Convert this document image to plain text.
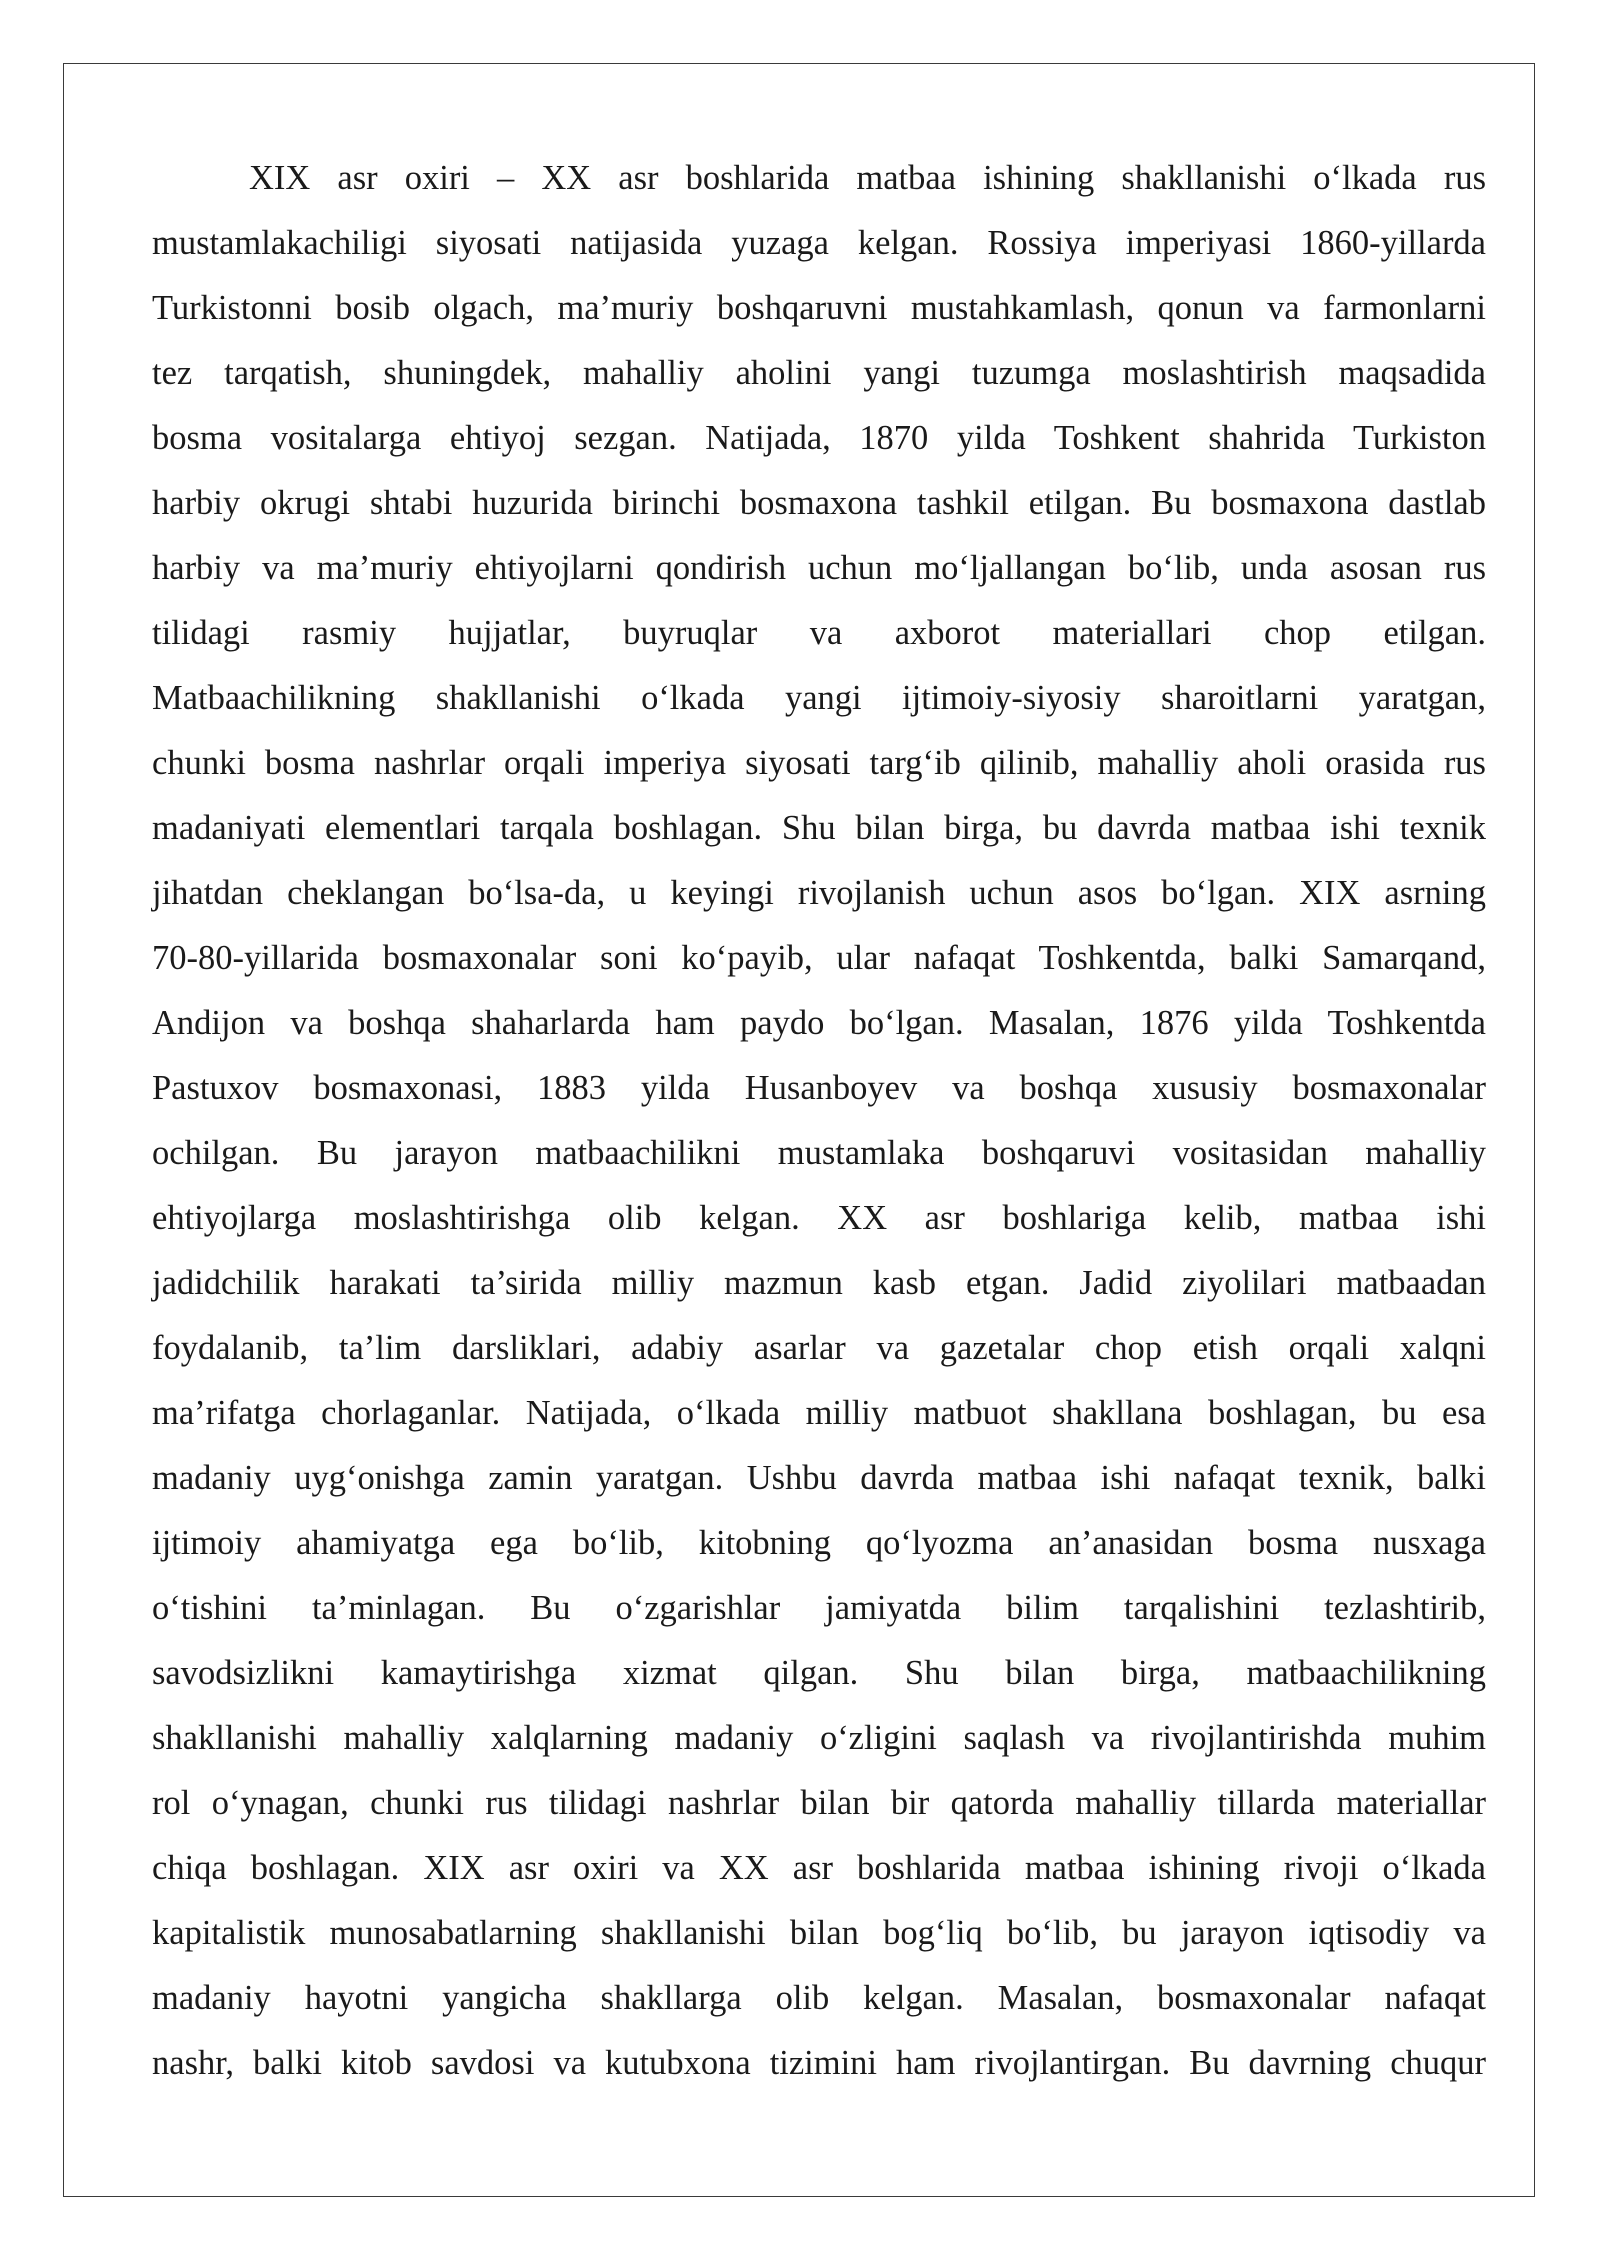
XIX asr oxiri – XX asr boshlarida matbaa ishining shakllanishi o‘lkada rus
mustamlakachiligi siyosati natijasida yuzaga kelgan. Rossiya imperiyasi 1860-yillarda
Turkistonni bosib olgach, ma’muriy boshqaruvni mustahkamlash, qonun va farmonlarni
tez tarqatish, shuningdek, mahalliy aholini yangi tuzumga moslashtirish maqsadida
bosma vositalarga ehtiyoj sezgan. Natijada, 1870 yilda Toshkent shahrida Turkiston
harbiy okrugi shtabi huzurida birinchi bosmaxona tashkil etilgan. Bu bosmaxona dastlab
harbiy va ma’muriy ehtiyojlarni qondirish uchun mo‘ljallangan bo‘lib, unda asosan rus
tilidagi rasmiy hujjatlar, buyruqlar va axborot materiallari chop etilgan.
Matbaachilikning shakllanishi o‘lkada yangi ijtimoiy-siyosiy sharoitlarni yaratgan,
chunki bosma nashrlar orqali imperiya siyosati targ‘ib qilinib, mahalliy aholi orasida rus
madaniyati elementlari tarqala boshlagan. Shu bilan birga, bu davrda matbaa ishi texnik
jihatdan cheklangan bo‘lsa-da, u keyingi rivojlanish uchun asos bo‘lgan. XIX asrning
70-80-yillarida bosmaxonalar soni ko‘payib, ular nafaqat Toshkentda, balki Samarqand,
Andijon va boshqa shaharlarda ham paydo bo‘lgan. Masalan, 1876 yilda Toshkentda
Pastuxov bosmaxonasi, 1883 yilda Husanboyev va boshqa xususiy bosmaxonalar
ochilgan. Bu jarayon matbaachilikni mustamlaka boshqaruvi vositasidan mahalliy
ehtiyojlarga moslashtirishga olib kelgan. XX asr boshlariga kelib, matbaa ishi
jadidchilik harakati ta’sirida milliy mazmun kasb etgan. Jadid ziyolilari matbaadan
foydalanib, ta’lim darsliklari, adabiy asarlar va gazetalar chop etish orqali xalqni
ma’rifatga chorlaganlar. Natijada, o‘lkada milliy matbuot shakllana boshlagan, bu esa
madaniy uyg‘onishga zamin yaratgan. Ushbu davrda matbaa ishi nafaqat texnik, balki
ijtimoiy ahamiyatga ega bo‘lib, kitobning qo‘lyozma an’anasidan bosma nusxaga
o‘tishini ta’minlagan. Bu o‘zgarishlar jamiyatda bilim tarqalishini tezlashtirib,
savodsizlikni kamaytirishga xizmat qilgan. Shu bilan birga, matbaachilikning
shakllanishi mahalliy xalqlarning madaniy o‘zligini saqlash va rivojlantirishda muhim
rol o‘ynagan, chunki rus tilidagi nashrlar bilan bir qatorda mahalliy tillarda materiallar
chiqa boshlagan. XIX asr oxiri va XX asr boshlarida matbaa ishining rivoji o‘lkada
kapitalistik munosabatlarning shakllanishi bilan bog‘liq bo‘lib, bu jarayon iqtisodiy va
madaniy hayotni yangicha shakllarga olib kelgan. Masalan, bosmaxonalar nafaqat
nashr, balki kitob savdosi va kutubxona tizimini ham rivojlantirgan. Bu davrning chuqur
